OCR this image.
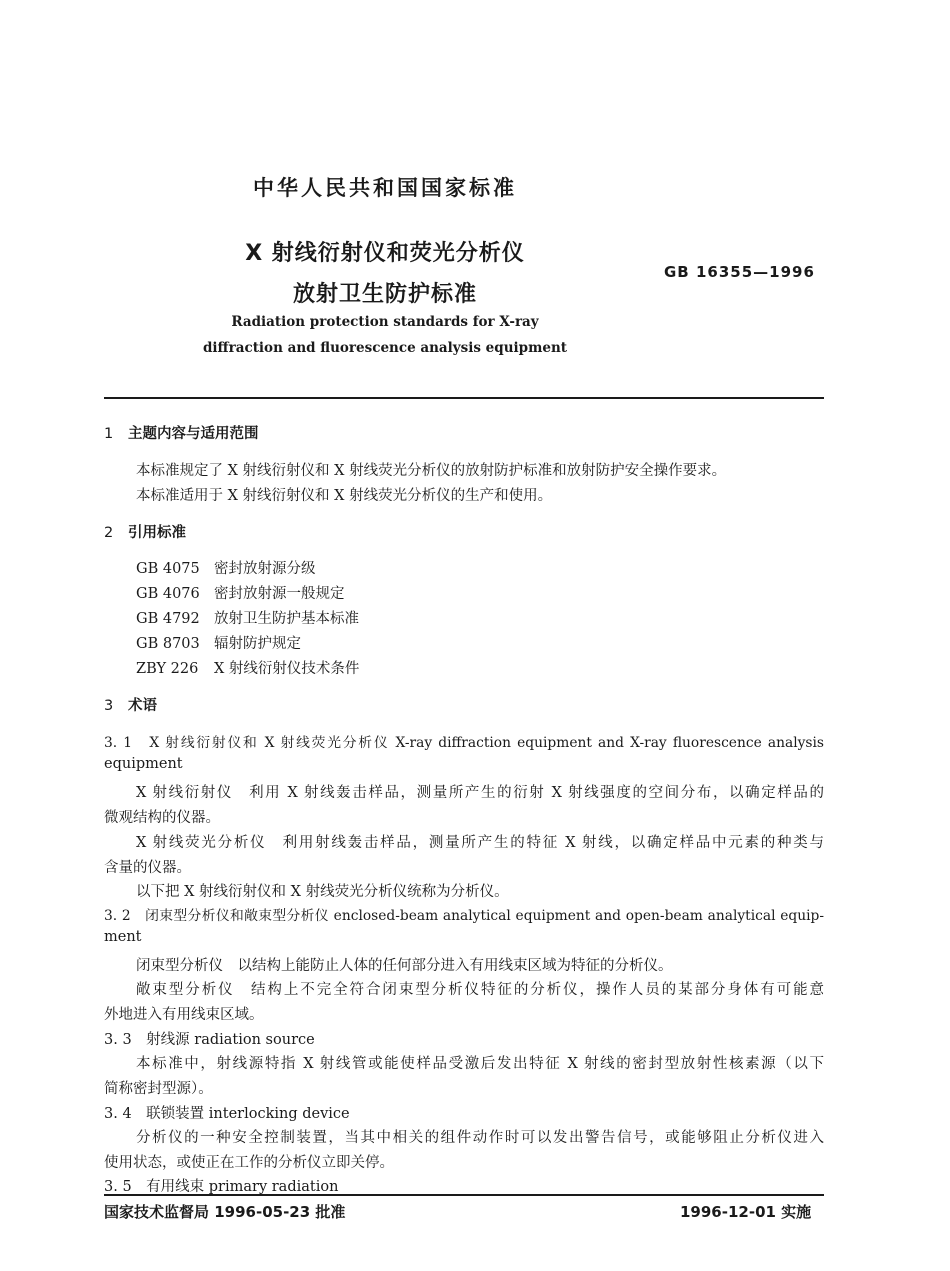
中华人民共和国国家标准
X 射线衍射仪和荧光分析仪
放射卫生防护标准
GB 16355—1996
Radiation protection standards for X-ray
diffraction and fluorescence analysis equipment
1 主题内容与适用范围
本标准规定了 X 射线衍射仪和 X 射线荧光分析仪的放射防护标准和放射防护安全操作要求。
本标准适用于 X 射线衍射仪和 X 射线荧光分析仪的生产和使用。
2 引用标准
GB 4075 密封放射源分级
GB 4076 密封放射源一般规定
GB 4792 放射卫生防护基本标准
GB 8703 辐射防护规定
ZBY 226 X 射线衍射仪技术条件
3 术语
3. 1　X 射线衍射仪和 X 射线荧光分析仪 X-ray diffraction equipment and X-ray fluorescence analysis
equipment
X 射线衍射仪　利用 X 射线轰击样品，测量所产生的衍射 X 射线强度的空间分布，以确定样品的
微观结构的仪器。
X 射线荧光分析仪　利用射线轰击样品，测量所产生的特征 X 射线，以确定样品中元素的种类与
含量的仪器。
以下把 X 射线衍射仪和 X 射线荧光分析仪统称为分析仪。
3. 2　闭束型分析仪和敞束型分析仪 enclosed-beam analytical equipment and open-beam analytical equip-
ment
闭束型分析仪　以结构上能防止人体的任何部分进入有用线束区域为特征的分析仪。
敞束型分析仪　结构上不完全符合闭束型分析仪特征的分析仪，操作人员的某部分身体有可能意
外地进入有用线束区域。
3. 3　射线源 radiation source
本标准中，射线源特指 X 射线管或能使样品受激后发出特征 X 射线的密封型放射性核素源（以下
简称密封型源）。
3. 4　联锁装置 interlocking device
分析仪的一种安全控制装置，当其中相关的组件动作时可以发出警告信号，或能够阻止分析仪进入
使用状态，或使正在工作的分析仪立即关停。
3. 5　有用线束 primary radiation
国家技术监督局 1996-05-23 批准	1996-12-01 实施
